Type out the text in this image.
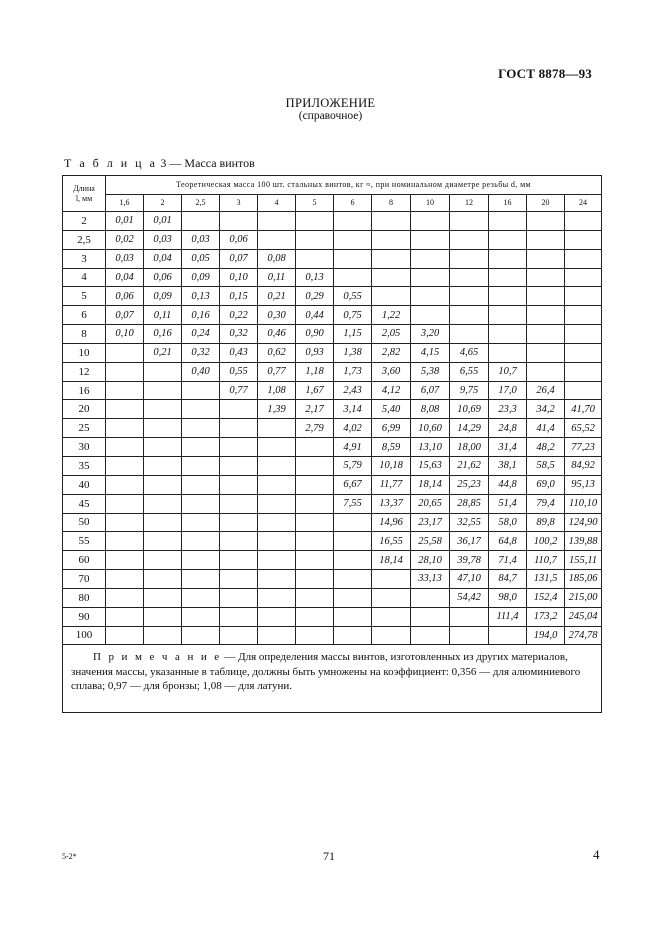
ГОСТ 8878—93
ПРИЛОЖЕНИЕ
(справочное)
Т а б л и ц а 3 — Масса винтов
Длина
l, мм	Теоретическая масса 100 шт. стальных винтов, кг ≈, при номинальном диаметре резьбы d, мм												
	1,6	2	2,5	3	4	5	6	8	10	12	16	20	24
2	0,01	0,01											
2,5	0,02	0,03	0,03	0,06									
3	0,03	0,04	0,05	0,07	0,08								
4	0,04	0,06	0,09	0,10	0,11	0,13							
5	0,06	0,09	0,13	0,15	0,21	0,29	0,55						
6	0,07	0,11	0,16	0,22	0,30	0,44	0,75	1,22					
8	0,10	0,16	0,24	0,32	0,46	0,90	1,15	2,05	3,20				
10		0,21	0,32	0,43	0,62	0,93	1,38	2,82	4,15	4,65			
12			0,40	0,55	0,77	1,18	1,73	3,60	5,38	6,55	10,7		
16				0,77	1,08	1,67	2,43	4,12	6,07	9,75	17,0	26,4	
20					1,39	2,17	3,14	5,40	8,08	10,69	23,3	34,2	41,70
25						2,79	4,02	6,99	10,60	14,29	24,8	41,4	65,52
30							4,91	8,59	13,10	18,00	31,4	48,2	77,23
35							5,79	10,18	15,63	21,62	38,1	58,5	84,92
40							6,67	11,77	18,14	25,23	44,8	69,0	95,13
45							7,55	13,37	20,65	28,85	51,4	79,4	110,10
50								14,96	23,17	32,55	58,0	89,8	124,90
55								16,55	25,58	36,17	64,8	100,2	139,88
60								18,14	28,10	39,78	71,4	110,7	155,11
70									33,13	47,10	84,7	131,5	185,06
80										54,42	98,0	152,4	215,00
90											111,4	173,2	245,04
100												194,0	274,78
П р и м е ч а н и е — Для определения массы винтов, изготовленных из других материалов, значения массы, указанные в таблице, должны быть умножены на коэффициент: 0,356 — для алюминиевого сплава; 0,97 — для бронзы; 1,08 — для латуни.													
5-2*	71	4
